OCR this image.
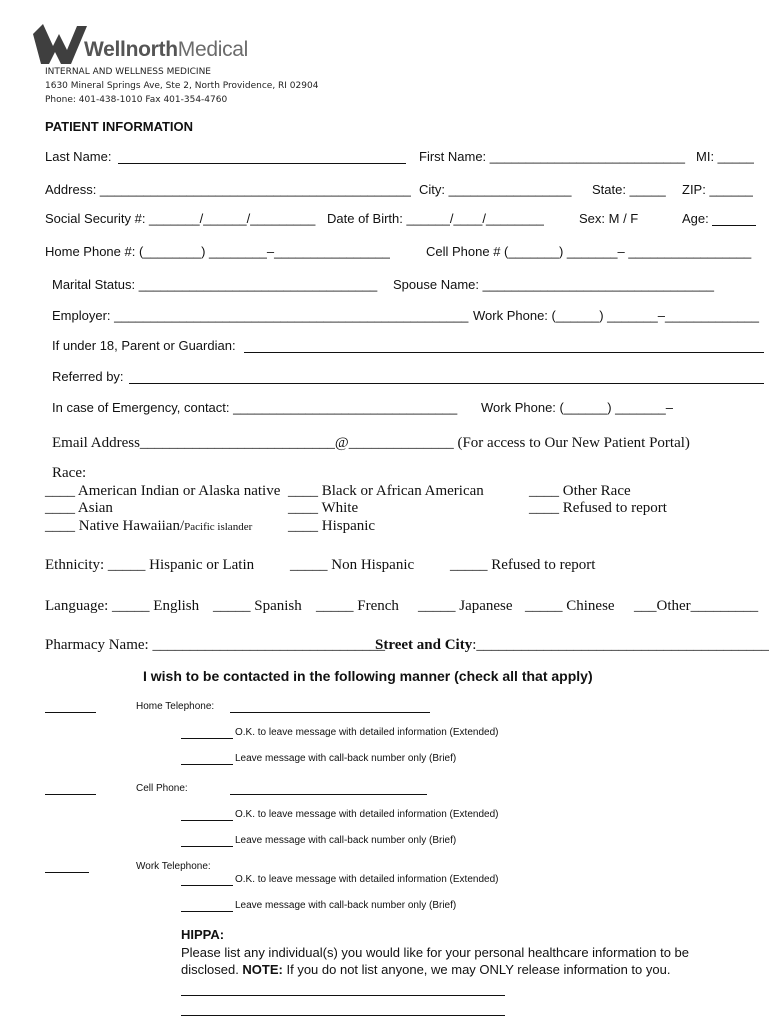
WellnorthMedical
INTERNAL AND WELLNESS MEDICINE
1630 Mineral Springs Ave, Ste 2, North Providence, RI 02904
Phone: 401-438-1010 Fax 401-354-4760
PATIENT INFORMATION
Last Name:	First Name: ___________________________ MI: _____
Address: ___________________________________________ City: _________________ State: _____ ZIP: ______
Social Security #: _______/______/_________ Date of Birth: ______/____/________	Sex: M / F	Age:
Home Phone #: (________) ________–________________	Cell Phone # (_______) _______– _________________
Marital Status: _________________________________ Spouse Name: ________________________________
Employer: _________________________________________________ Work Phone: (______) _______–_____________
If under 18, Parent or Guardian:
Referred by:
In case of Emergency, contact: _______________________________ Work Phone: (______) _______–
Email Address__________________________@______________ (For access to Our New Patient Portal)
Race:
____ American Indian or Alaska native
____ Asian
____ Native Hawaiian/Pacific islander
____ Black or African American
____ White
____ Hispanic
____ Other Race
____ Refused to report
Ethnicity: _____ Hispanic or Latin _____ Non Hispanic _____ Refused to report
Language: _____ English _____ Spanish _____ French _____ Japanese _____ Chinese ___Other_________
Pharmacy Name: _______________________________
Street and City:_______________________________________
I wish to be contacted in the following manner (check all that apply)
Home Telephone:
O.K. to leave message with detailed information (Extended)
Leave message with call-back number only (Brief)
Cell Phone:
O.K. to leave message with detailed information (Extended)
Leave message with call-back number only (Brief)
Work Telephone:
O.K. to leave message with detailed information (Extended)
Leave message with call-back number only (Brief)
HIPPA:
Please list any individual(s) you would like for your personal healthcare information to be
disclosed. NOTE: If you do not list anyone, we may ONLY release information to you.
